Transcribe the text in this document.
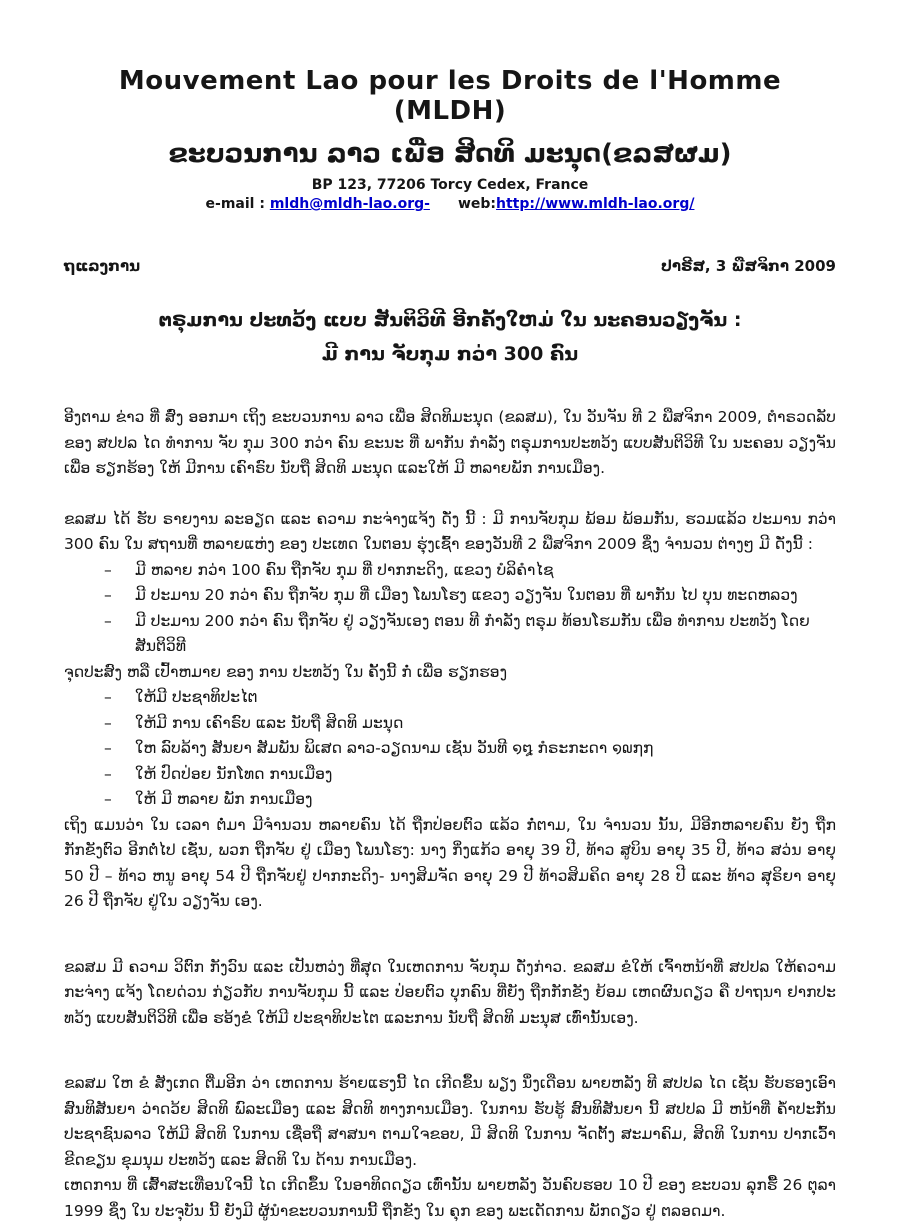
Mouvement Lao pour les Droits de l'Homme (MLDH)
ຂະບວນການ ລາວ ເພື່ອ ສິດທິ ມະນຸດ(ຂລສຜມ)
BP 123, 77206 Torcy Cedex, France
e-mail : mldh@mldh-lao.org- web:http://www.mldh-lao.org/
ຖແລງການ	ປາຣີສ, 3 ພືສຈິກາ 2009
ຕຣຸມການ ປະທວ້ງ ແບບ ສັນຕິວິທີ ອີກຄັ້ງໃຫມ່ ໃນ ນະຄອນວຽງຈັນ :
ມີ ການ ຈັບກຸມ ກວ່າ 300 ຄົນ

ອີງຕາມ ຂ່າວ ທີ່ ສົ່ງ ອອກມາ ເຖິງ ຂະບວນການ ລາວ ເພື່ອ ສິດທິມະນຸດ (ຂລສມ), ໃນ ວັນຈັນ ທີ 2 ພືສຈິກາ 2009, ຕຳຣວດລັບ ຂອງ ສປປລ ໄດ ທຳການ ຈັບ ກຸມ 300 ກວ່າ ຄົນ ຂະນະ ທີ່ ພາກັນ ກຳລັງ ຕຣຸມການປະທວ້ງ ແບບສັນຕິວິທີ ໃນ ນະຄອນ ວຽງຈັນ ເພື່ອ ຮຽກຮ້ອງ ໃຫ້ ມີການ ເຄົາຣົບ ນັບຖື ສິດທິ ມະນຸດ ແລະໃຫ້ ມີ ຫລາຍພັກ ການເມືອງ.

ຂລສມ ໄດ້ ຮັບ ຣາຍງານ ລະອຽດ ແລະ ຄວາມ ກະຈ່າງແຈ້ງ ດັ່ງ ນີ້ : ມີ ການຈັບກຸມ ພ້ອມ ພ້ອມກັນ, ຮວມແລ້ວ ປະມານ ກວ່າ 300 ຄົນ ໃນ ສຖານທີ່ ຫລາຍແຫ່ງ ຂອງ ປະເທດ ໃນຕອນ ຮຸ່ງເຊົ້າ ຂອງວັນທີ 2 ພືສຈິກາ 2009 ຊຶ່ງ ຈຳນວນ ຕ່າງໆ ມີ ດັ່ງນີ້ :

–	ມີ ຫລາຍ ກວ່າ 100 ຄົນ ຖືກຈັບ ກຸມ ທີ່ ປາກກະດິງ, ແຂວງ ບໍລິຄຳໄຊ
–	ມີ ປະມານ 20 ກວ່າ ຄົນ ຖືກຈັບ ກຸມ ທີ່ ເມືອງ ໂພນໂຮງ ແຂວງ ວຽງຈັນ ໃນຕອນ ທີ່ ພາກັນ ໄປ ບຸນ ທະດຫລວງ
–	ມີ ປະມານ 200 ກວ່າ ຄົນ ຖືກຈັບ ຢູ່ ວຽງຈັນເອງ ຕອນ ທີ ກຳລັງ ຕຣຸມ ທ້ອນໂຮມກັນ ເພື່ອ ທຳການ ປະທວ້ງ ໂດຍ ສັນຕິວິທີ

ຈຸດປະສົງ ຫລື ເປົ້າຫມາຍ ຂອງ ການ ປະທວ້ງ ໃນ ຄັ້ງນີ້ ກໍ່ ເພື່ອ ຮຽກຮອງ

–	ໃຫ້ມີ ປະຊາທິປະໄຕ
–	ໃຫ້ມີ ການ ເຄົາຣົບ ແລະ ນັບຖື ສິດທິ ມະນຸດ
–	ໃຫ ລົບລ້າງ ສັນຍາ ສັມພັນ ພິເສດ ລາວ-ວຽດນາມ ເຊັນ ວັນທີ ໑໘ ກໍຣະກະດາ ໑໙໗໗
–	ໃຫ້ ປົດປ່ອຍ ນັກໂທດ ການເມືອງ
–	ໃຫ້ ມີ ຫລາຍ ພັກ ການເມືອງ

ເຖິງ ແມນວ່າ ໃນ ເວລາ ຕໍ່ມາ ມີຈຳນວນ ຫລາຍຄົນ ໄດ້ ຖືກປ່ອຍຕົວ ແລ້ວ ກໍ່ຕາມ, ໃນ ຈຳນວນ ນັ້ນ, ມີອີກຫລາຍຄົນ ຍັງ ຖືກກັກຂັງຕົວ ອີກຕໍ່ໄປ ເຊັ່ນ, ພວກ ຖືກຈັບ ຢູ່ ເມືອງ ໂພນໂຮງ: ນາງ ກິ່ງແກ້ວ ອາຍຸ 39 ປີ, ທ້າວ ສູບິນ ອາຍຸ 35 ປີ, ທ້າວ ສວ່ນ ອາຍຸ 50 ປີ – ທ້າວ ຫນູ ອາຍຸ 54 ປີ ຖືກຈັບຢູ່ ປາກກະດິງ- ນາງສິມຈັດ ອາຍຸ 29 ປີ ທ້າວສິມຄິດ ອາຍຸ 28 ປີ ແລະ ທ້າວ ສຸຣິຍາ ອາຍຸ 26 ປີ ຖືກຈັບ ຢູ່ໃນ ວຽງຈັນ ເອງ.

ຂລສມ ມີ ຄວາມ ວິຕົກ ກັງວົນ ແລະ ເປັນຫວ່ງ ທີ່ສຸດ ໃນເຫດການ ຈັບກຸມ ດັ່ງກ່າວ. ຂລສມ ຂໍໃຫ້ ເຈົ້າຫນ້າທີ່ ສປປລ ໃຫ້ຄວາມ ກະຈ່າງ ແຈ້ງ ໂດຍດ່ວນ ກ່ຽວກັບ ການຈັບກຸມ ນີ້ ແລະ ປ່ອຍຕົວ ບຸກຄົນ ທີ່ຍັງ ຖືກກັກຂັງ ຍ້ອມ ເຫດຜົນດຽວ ຄື ປາຖນາ ຢາກປະທວ້ງ ແບບສັນຕິວິທີ ເພື່ອ ຮອ້ງຂໍ ໃຫ້ມີ ປະຊາທິປະໄຕ ແລະການ ນັບຖື ສິດທິ ມະນຸສ ເທົ່ານັ້ນເອງ.

ຂລສມ ໃຫ ຂໍ ສັງເກດ ຕື່ມອີກ ວ່າ ເຫດການ ຮ້າຍແຮງນີ້ ໄດ ເກີດຂຶ້ນ ພຽງ ນຶ່ງເດືອນ ພາຍຫລັງ ທີ ສປປລ ໄດ ເຊັນ ຮັບຮອງເອົາ ສົນທິສັນຍາ ວ່າດວ້ຍ ສິດທິ ພົລະເມືອງ ແລະ ສິດທິ ທາງການເມືອງ. ໃນການ ຮັບຮູ້ ສົນທິສັນຍາ ນີ້ ສປປລ ມີ ຫນ້າທີ່ ຄ້ຳປະກັນ ປະຊາຊົນລາວ ໃຫ້ມີ ສິດທິ ໃນການ ເຊື່ອຖື ສາສນາ ຕາມໃຈຂອບ, ມີ ສິດທິ ໃນການ ຈັດຕັ້ງ ສະມາຄົມ, ສິດທິ ໃນການ ປາກເວົ້າຂີດຂຽນ ຂຸມນຸມ ປະທວ້ງ ແລະ ສິດທິ ໃນ ດ້ານ ການເມືອງ.

ເຫດການ ທີ່ ເສົ້າສະເທືອນໃຈນີ້ ໄດ ເກີດຂຶ້ນ ໃນອາທິດດຽວ ເທົ່ານັ້ນ ພາຍຫລັງ ວັນຄົບຮອບ 10 ປີ ຂອງ ຂະບວນ ລຸກຮື້ 26 ຕຸລາ 1999 ຊຶ່ງ ໃນ ປະຈຸບັນ ນີ້ ຍັງມີ ຜູ້ນຳຂະບວນການນີ້ ຖືກຂັງ ໃນ ຄຸກ ຂອງ ພະເດັດການ ພັກດຽວ ຢູ່ ຕລອດມາ.
